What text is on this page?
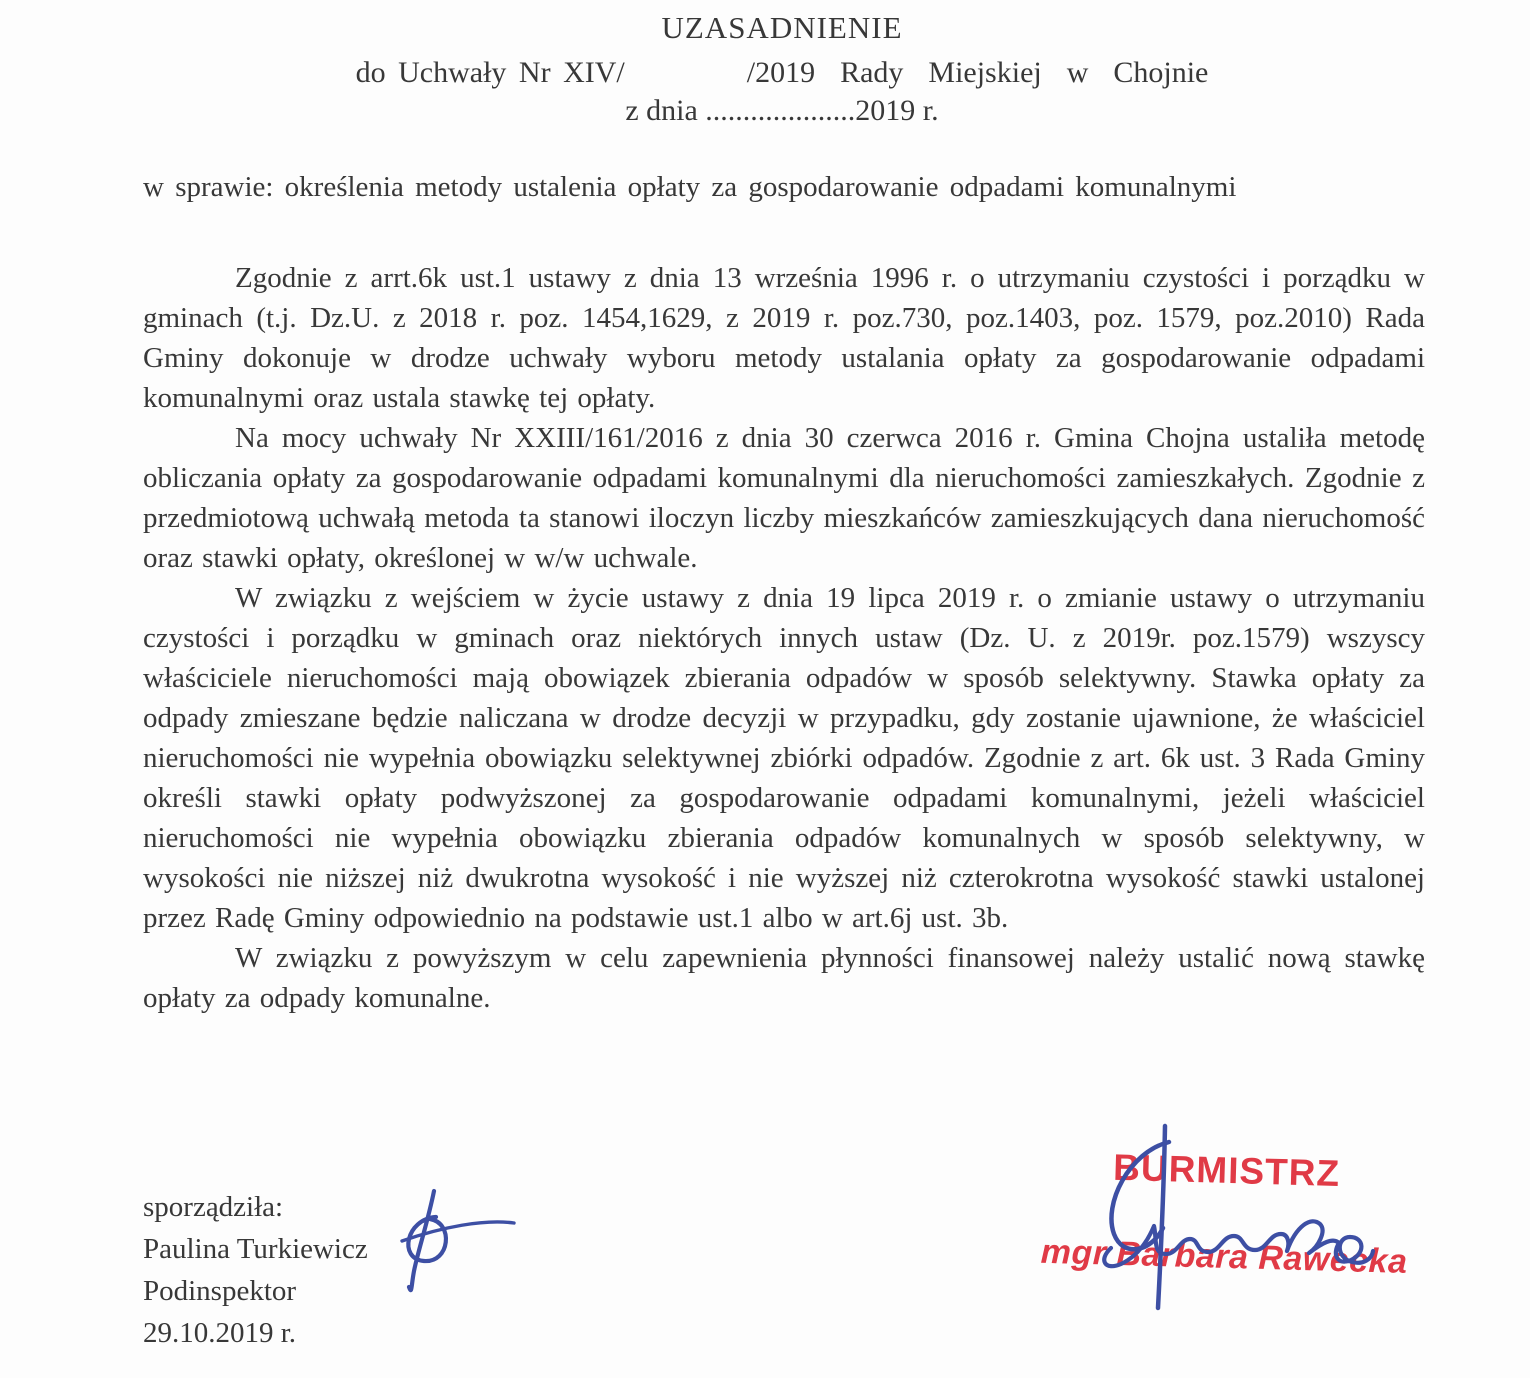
UZASADNIENIE
do Uchwały Nr XIV/	/2019  Rady  Miejskiej  w  Chojnie
z dnia ....................2019 r.
w sprawie: określenia metody ustalenia opłaty za gospodarowanie odpadami komunalnymi

Zgodnie z arrt.6k ust.1 ustawy z dnia 13 września 1996 r. o utrzymaniu czystości i porządku w gminach (t.j. Dz.U. z 2018 r. poz. 1454,1629, z 2019 r. poz.730, poz.1403, poz. 1579, poz.2010) Rada Gminy dokonuje w drodze uchwały wyboru metody ustalania opłaty za gospodarowanie odpadami komunalnymi oraz ustala stawkę tej opłaty.

Na mocy uchwały Nr XXIII/161/2016 z dnia 30 czerwca 2016 r. Gmina Chojna ustaliła metodę obliczania opłaty za gospodarowanie odpadami komunalnymi dla nieruchomości zamieszkałych. Zgodnie z przedmiotową uchwałą metoda ta stanowi iloczyn liczby mieszkańców zamieszkujących dana nieruchomość oraz stawki opłaty, określonej w w/w uchwale.

W związku z wejściem w życie ustawy z dnia 19 lipca 2019 r. o zmianie ustawy o utrzymaniu czystości i porządku w gminach oraz niektórych innych ustaw (Dz. U. z 2019r. poz.1579) wszyscy właściciele nieruchomości mają obowiązek zbierania odpadów w sposób selektywny. Stawka opłaty za odpady zmieszane będzie naliczana w drodze decyzji w przypadku, gdy zostanie ujawnione, że właściciel nieruchomości nie wypełnia obowiązku selektywnej zbiórki odpadów. Zgodnie z art. 6k ust. 3 Rada Gminy określi stawki opłaty podwyższonej za gospodarowanie odpadami komunalnymi, jeżeli właściciel nieruchomości nie wypełnia obowiązku zbierania odpadów komunalnych w sposób selektywny, w wysokości nie niższej niż dwukrotna wysokość i nie wyższej niż czterokrotna wysokość stawki ustalonej przez Radę Gminy odpowiednio na podstawie ust.1 albo w art.6j ust. 3b.

W związku z powyższym w celu zapewnienia płynności finansowej należy ustalić nową stawkę opłaty za odpady komunalne.

sporządziła:
Paulina Turkiewicz
Podinspektor
29.10.2019 r.
BURMISTRZ
mgr Barbara Rawecka
